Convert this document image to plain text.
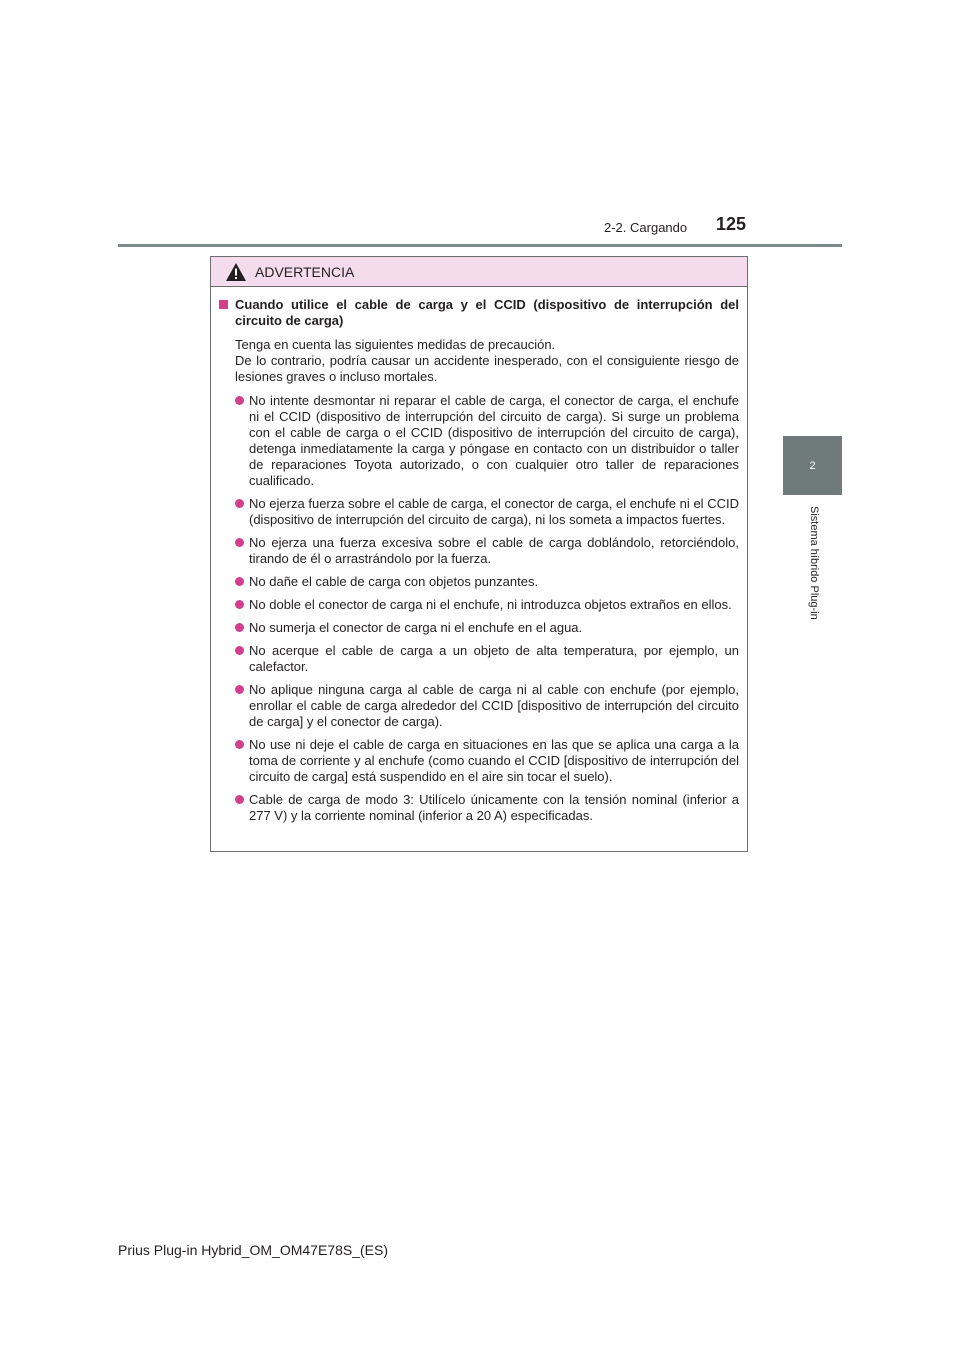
2-2. Cargando 125
2
Sistema híbrido Plug-in
ADVERTENCIA
Cuando utilice el cable de carga y el CCID (dispositivo de interrupción del circuito de carga)

Tenga en cuenta las siguientes medidas de precaución.

De lo contrario, podría causar un accidente inesperado, con el consiguiente riesgo de lesiones graves o incluso mortales.

No intente desmontar ni reparar el cable de carga, el conector de carga, el enchufe ni el CCID (dispositivo de interrupción del circuito de carga). Si surge un problema con el cable de carga o el CCID (dispositivo de interrupción del circuito de carga), detenga inmediatamente la carga y póngase en contacto con un distribuidor o taller de reparaciones Toyota autorizado, o con cualquier otro taller de reparaciones cualificado.
No ejerza fuerza sobre el cable de carga, el conector de carga, el enchufe ni el CCID (dispositivo de interrupción del circuito de carga), ni los someta a impactos fuertes.
No ejerza una fuerza excesiva sobre el cable de carga doblándolo, retorciéndolo, tirando de él o arrastrándolo por la fuerza.
No dañe el cable de carga con objetos punzantes.
No doble el conector de carga ni el enchufe, ni introduzca objetos extraños en ellos.
No sumerja el conector de carga ni el enchufe en el agua.
No acerque el cable de carga a un objeto de alta temperatura, por ejemplo, un calefactor.
No aplique ninguna carga al cable de carga ni al cable con enchufe (por ejemplo, enrollar el cable de carga alrededor del CCID [dispositivo de interrupción del circuito de carga] y el conector de carga).
No use ni deje el cable de carga en situaciones en las que se aplica una carga a la toma de corriente y al enchufe (como cuando el CCID [dispositivo de interrupción del circuito de carga] está suspendido en el aire sin tocar el suelo).
Cable de carga de modo 3: Utilícelo únicamente con la tensión nominal (inferior a 277 V) y la corriente nominal (inferior a 20 A) especificadas.
Prius Plug-in Hybrid_OM_OM47E78S_(ES)
